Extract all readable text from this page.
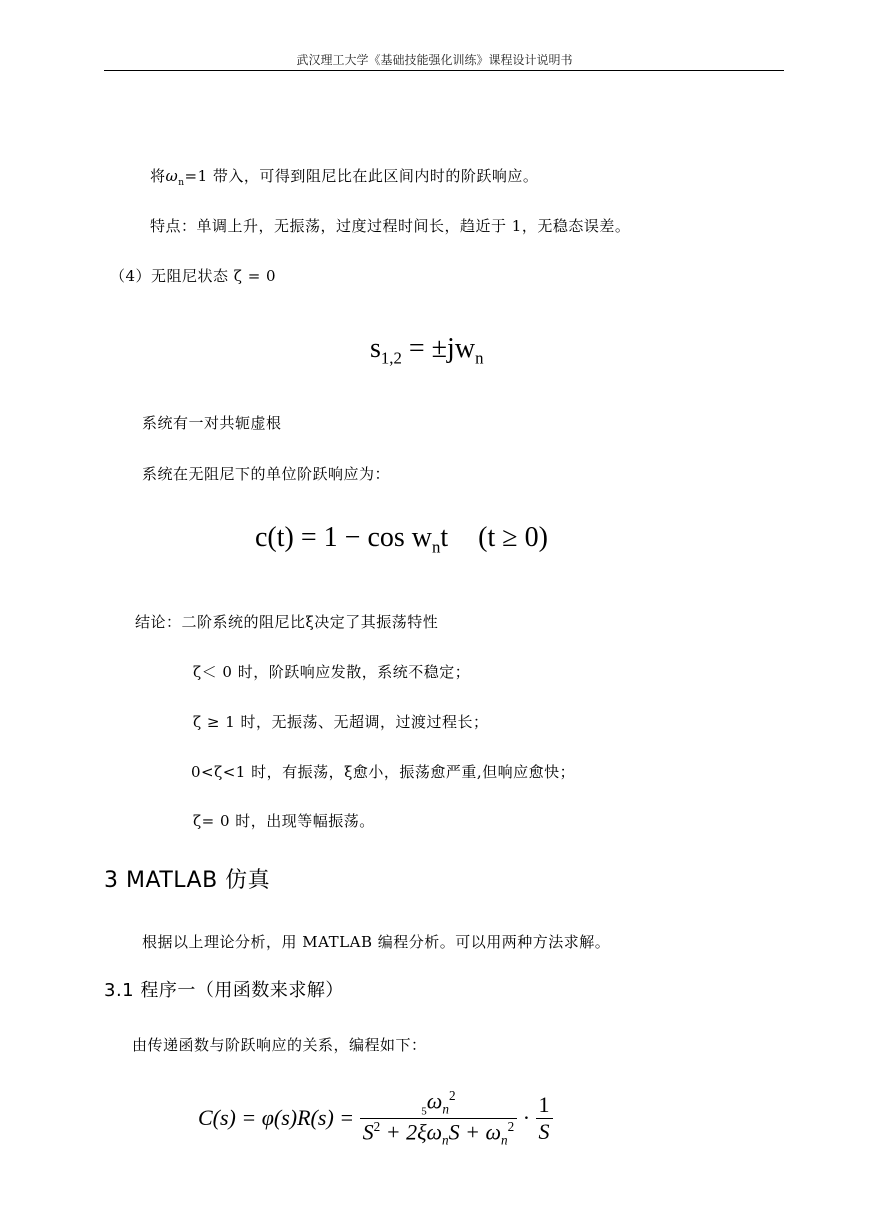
武汉理工大学《基础技能强化训练》课程设计说明书
将$\omega_n=1$ 带入，可得到阻尼比在此区间内时的阶跃响应。
特点：单调上升，无振荡，过度过程时间长，趋近于 1，无稳态误差。
（4）无阻尼状态 ζ = 0
$s_{1,2} = \pm jw_n$
系统有一对共轭虚根
系统在无阻尼下的单位阶跃响应为：
$c(t) = 1 - \cos w_nt$ (t ≥ 0)
结论：二阶系统的阻尼比ξ决定了其振荡特性
ζ＜ 0 时，阶跃响应发散，系统不稳定；
ζ ≥ 1 时，无振荡、无超调，过渡过程长；
0<ζ<1 时，有振荡，ξ愈小，振荡愈严重,但响应愈快；
ζ= 0 时，出现等幅振荡。
3 MATLAB 仿真
根据以上理论分析，用 MATLAB 编程分析。可以用两种方法求解。
3.1 程序一（用函数来求解）
由传递函数与阶跃响应的关系，编程如下：
$C(s) = \varphi(s)R(s) = \frac{_5\omega_n^2}{S^2 + 2\xi\omega_nS + \omega_n^2} \cdot \frac{1}{S}$
